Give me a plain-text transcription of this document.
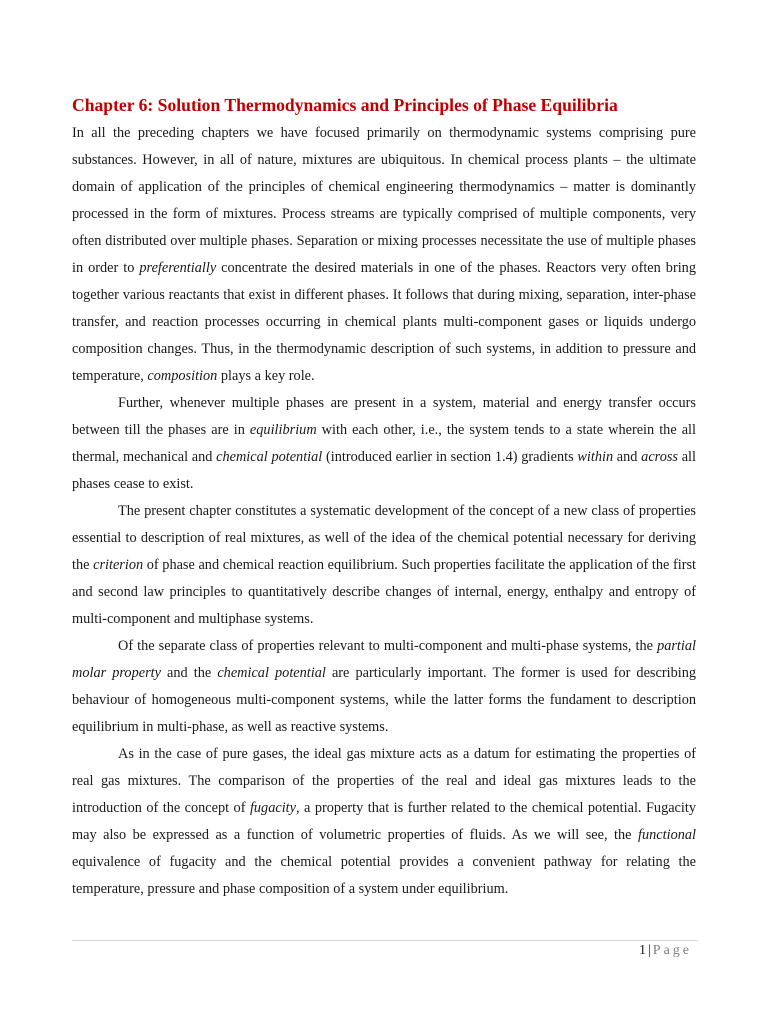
Chapter 6: Solution Thermodynamics and Principles of Phase Equilibria

In all the preceding chapters we have focused primarily on thermodynamic systems comprising pure substances. However, in all of nature, mixtures are ubiquitous. In chemical process plants – the ultimate domain of application of the principles of chemical engineering thermodynamics – matter is dominantly processed in the form of mixtures. Process streams are typically comprised of multiple components, very often distributed over multiple phases. Separation or mixing processes necessitate the use of multiple phases in order to preferentially concentrate the desired materials in one of the phases. Reactors very often bring together various reactants that exist in different phases. It follows that during mixing, separation, inter-phase transfer, and reaction processes occurring in chemical plants multi-component gases or liquids undergo composition changes. Thus, in the thermodynamic description of such systems, in addition to pressure and temperature, composition plays a key role.

Further, whenever multiple phases are present in a system, material and energy transfer occurs between till the phases are in equilibrium with each other, i.e., the system tends to a state wherein the all thermal, mechanical and chemical potential (introduced earlier in section 1.4) gradients within and across all phases cease to exist.

The present chapter constitutes a systematic development of the concept of a new class of properties essential to description of real mixtures, as well of the idea of the chemical potential necessary for deriving the criterion of phase and chemical reaction equilibrium. Such properties facilitate the application of the first and second law principles to quantitatively describe changes of internal, energy, enthalpy and entropy of multi-component and multiphase systems.

Of the separate class of properties relevant to multi-component and multi-phase systems, the partial molar property and the chemical potential are particularly important. The former is used for describing behaviour of homogeneous multi-component systems, while the latter forms the fundament to description equilibrium in multi-phase, as well as reactive systems.

As in the case of pure gases, the ideal gas mixture acts as a datum for estimating the properties of real gas mixtures. The comparison of the properties of the real and ideal gas mixtures leads to the introduction of the concept of fugacity, a property that is further related to the chemical potential. Fugacity may also be expressed as a function of volumetric properties of fluids. As we will see, the functional equivalence of fugacity and the chemical potential provides a convenient pathway for relating the temperature, pressure and phase composition of a system under equilibrium.

1 | Page
